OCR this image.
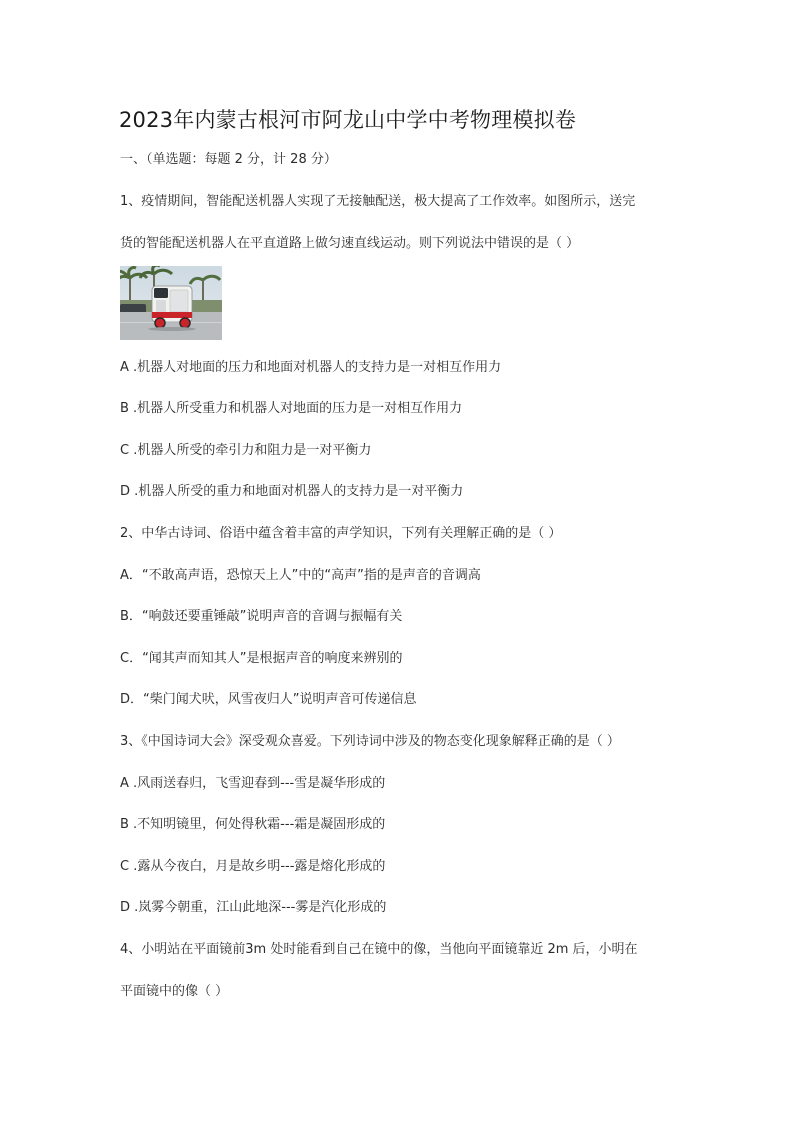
2023年内蒙古根河市阿龙山中学中考物理模拟卷
一、（单选题：每题 2 分，计 28 分）
1、疫情期间，智能配送机器人实现了无接触配送，极大提高了工作效率。如图所示，送完
货的智能配送机器人在平直道路上做匀速直线运动。则下列说法中错误的是（ ）
A .机器人对地面的压力和地面对机器人的支持力是一对相互作用力
B .机器人所受重力和机器人对地面的压力是一对相互作用力
C .机器人所受的牵引力和阻力是一对平衡力
D .机器人所受的重力和地面对机器人的支持力是一对平衡力
2、中华古诗词、俗语中蕴含着丰富的声学知识，下列有关理解正确的是（ ）
A．“不敢高声语，恐惊天上人”中的“高声”指的是声音的音调高
B．“响鼓还要重锤敲”说明声音的音调与振幅有关
C．“闻其声而知其人”是根据声音的响度来辨别的
D．“柴门闻犬吠，风雪夜归人”说明声音可传递信息
3、《中国诗词大会》深受观众喜爱。下列诗词中涉及的物态变化现象解释正确的是（ ）
A .风雨送春归，飞雪迎春到---雪是凝华形成的
B .不知明镜里，何处得秋霜---霜是凝固形成的
C .露从今夜白，月是故乡明---露是熔化形成的
D .岚雾今朝重，江山此地深---雾是汽化形成的
4、小明站在平面镜前3m 处时能看到自己在镜中的像，当他向平面镜靠近 2m 后，小明在
平面镜中的像（ ）
